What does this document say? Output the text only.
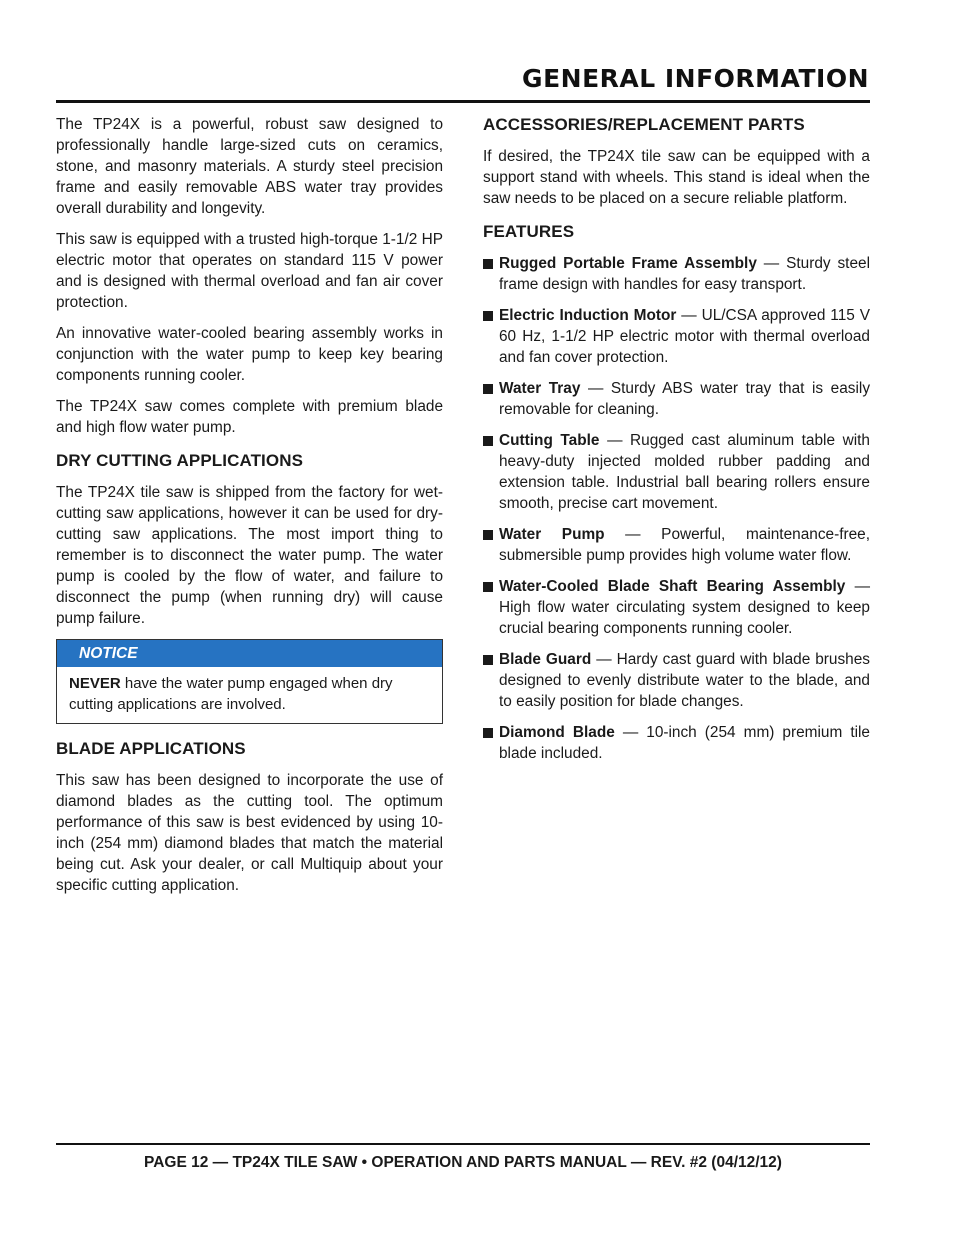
GENERAL INFORMATION

The TP24X is a powerful, robust saw designed to professionally handle large-sized cuts on ceramics, stone, and masonry materials. A sturdy steel precision frame and easily removable ABS water tray provides overall durability and longevity.

This saw is equipped with a trusted high-torque 1-1/2 HP electric motor that operates on standard 115 V power and is designed with thermal overload and fan air cover protection.

An innovative water-cooled bearing assembly works in conjunction with the water pump to keep key bearing components running cooler.

The TP24X saw comes complete with premium blade and high flow water pump.

DRY CUTTING APPLICATIONS

The TP24X tile saw is shipped from the factory for wet-cutting saw applications, however it can be used for dry-cutting saw applications. The most import thing to remember is to disconnect the water pump. The water pump is cooled by the flow of water, and failure to disconnect the pump (when running dry) will cause pump failure.

NOTICE
NEVER have the water pump engaged when dry cutting applications are involved.
BLADE APPLICATIONS

This saw has been designed to incorporate the use of diamond blades as the cutting tool. The optimum performance of this saw is best evidenced by using 10-inch (254 mm) diamond blades that match the material being cut. Ask your dealer, or call Multiquip about your specific cutting application.

ACCESSORIES/REPLACEMENT PARTS

If desired, the TP24X tile saw can be equipped with a support stand with wheels. This stand is ideal when the saw needs to be placed on a secure reliable platform.

FEATURES
Rugged Portable Frame Assembly — Sturdy steel frame design with handles for easy transport.
Electric Induction Motor — UL/CSA approved 115 V 60 Hz, 1-1/2 HP electric motor with thermal overload and fan cover protection.
Water Tray — Sturdy ABS water tray that is easily removable for cleaning.
Cutting Table — Rugged cast aluminum table with heavy-duty injected molded rubber padding and extension table. Industrial ball bearing rollers ensure smooth, precise cart movement.
Water Pump — Powerful, maintenance-free, submersible pump provides high volume water flow.
Water-Cooled Blade Shaft Bearing Assembly — High flow water circulating system designed to keep crucial bearing components running cooler.
Blade Guard — Hardy cast guard with blade brushes designed to evenly distribute water to the blade, and to easily position for blade changes.
Diamond Blade — 10-inch (254 mm) premium tile blade included.
PAGE 12 — TP24X TILE SAW • OPERATION AND PARTS MANUAL — REV. #2 (04/12/12)
